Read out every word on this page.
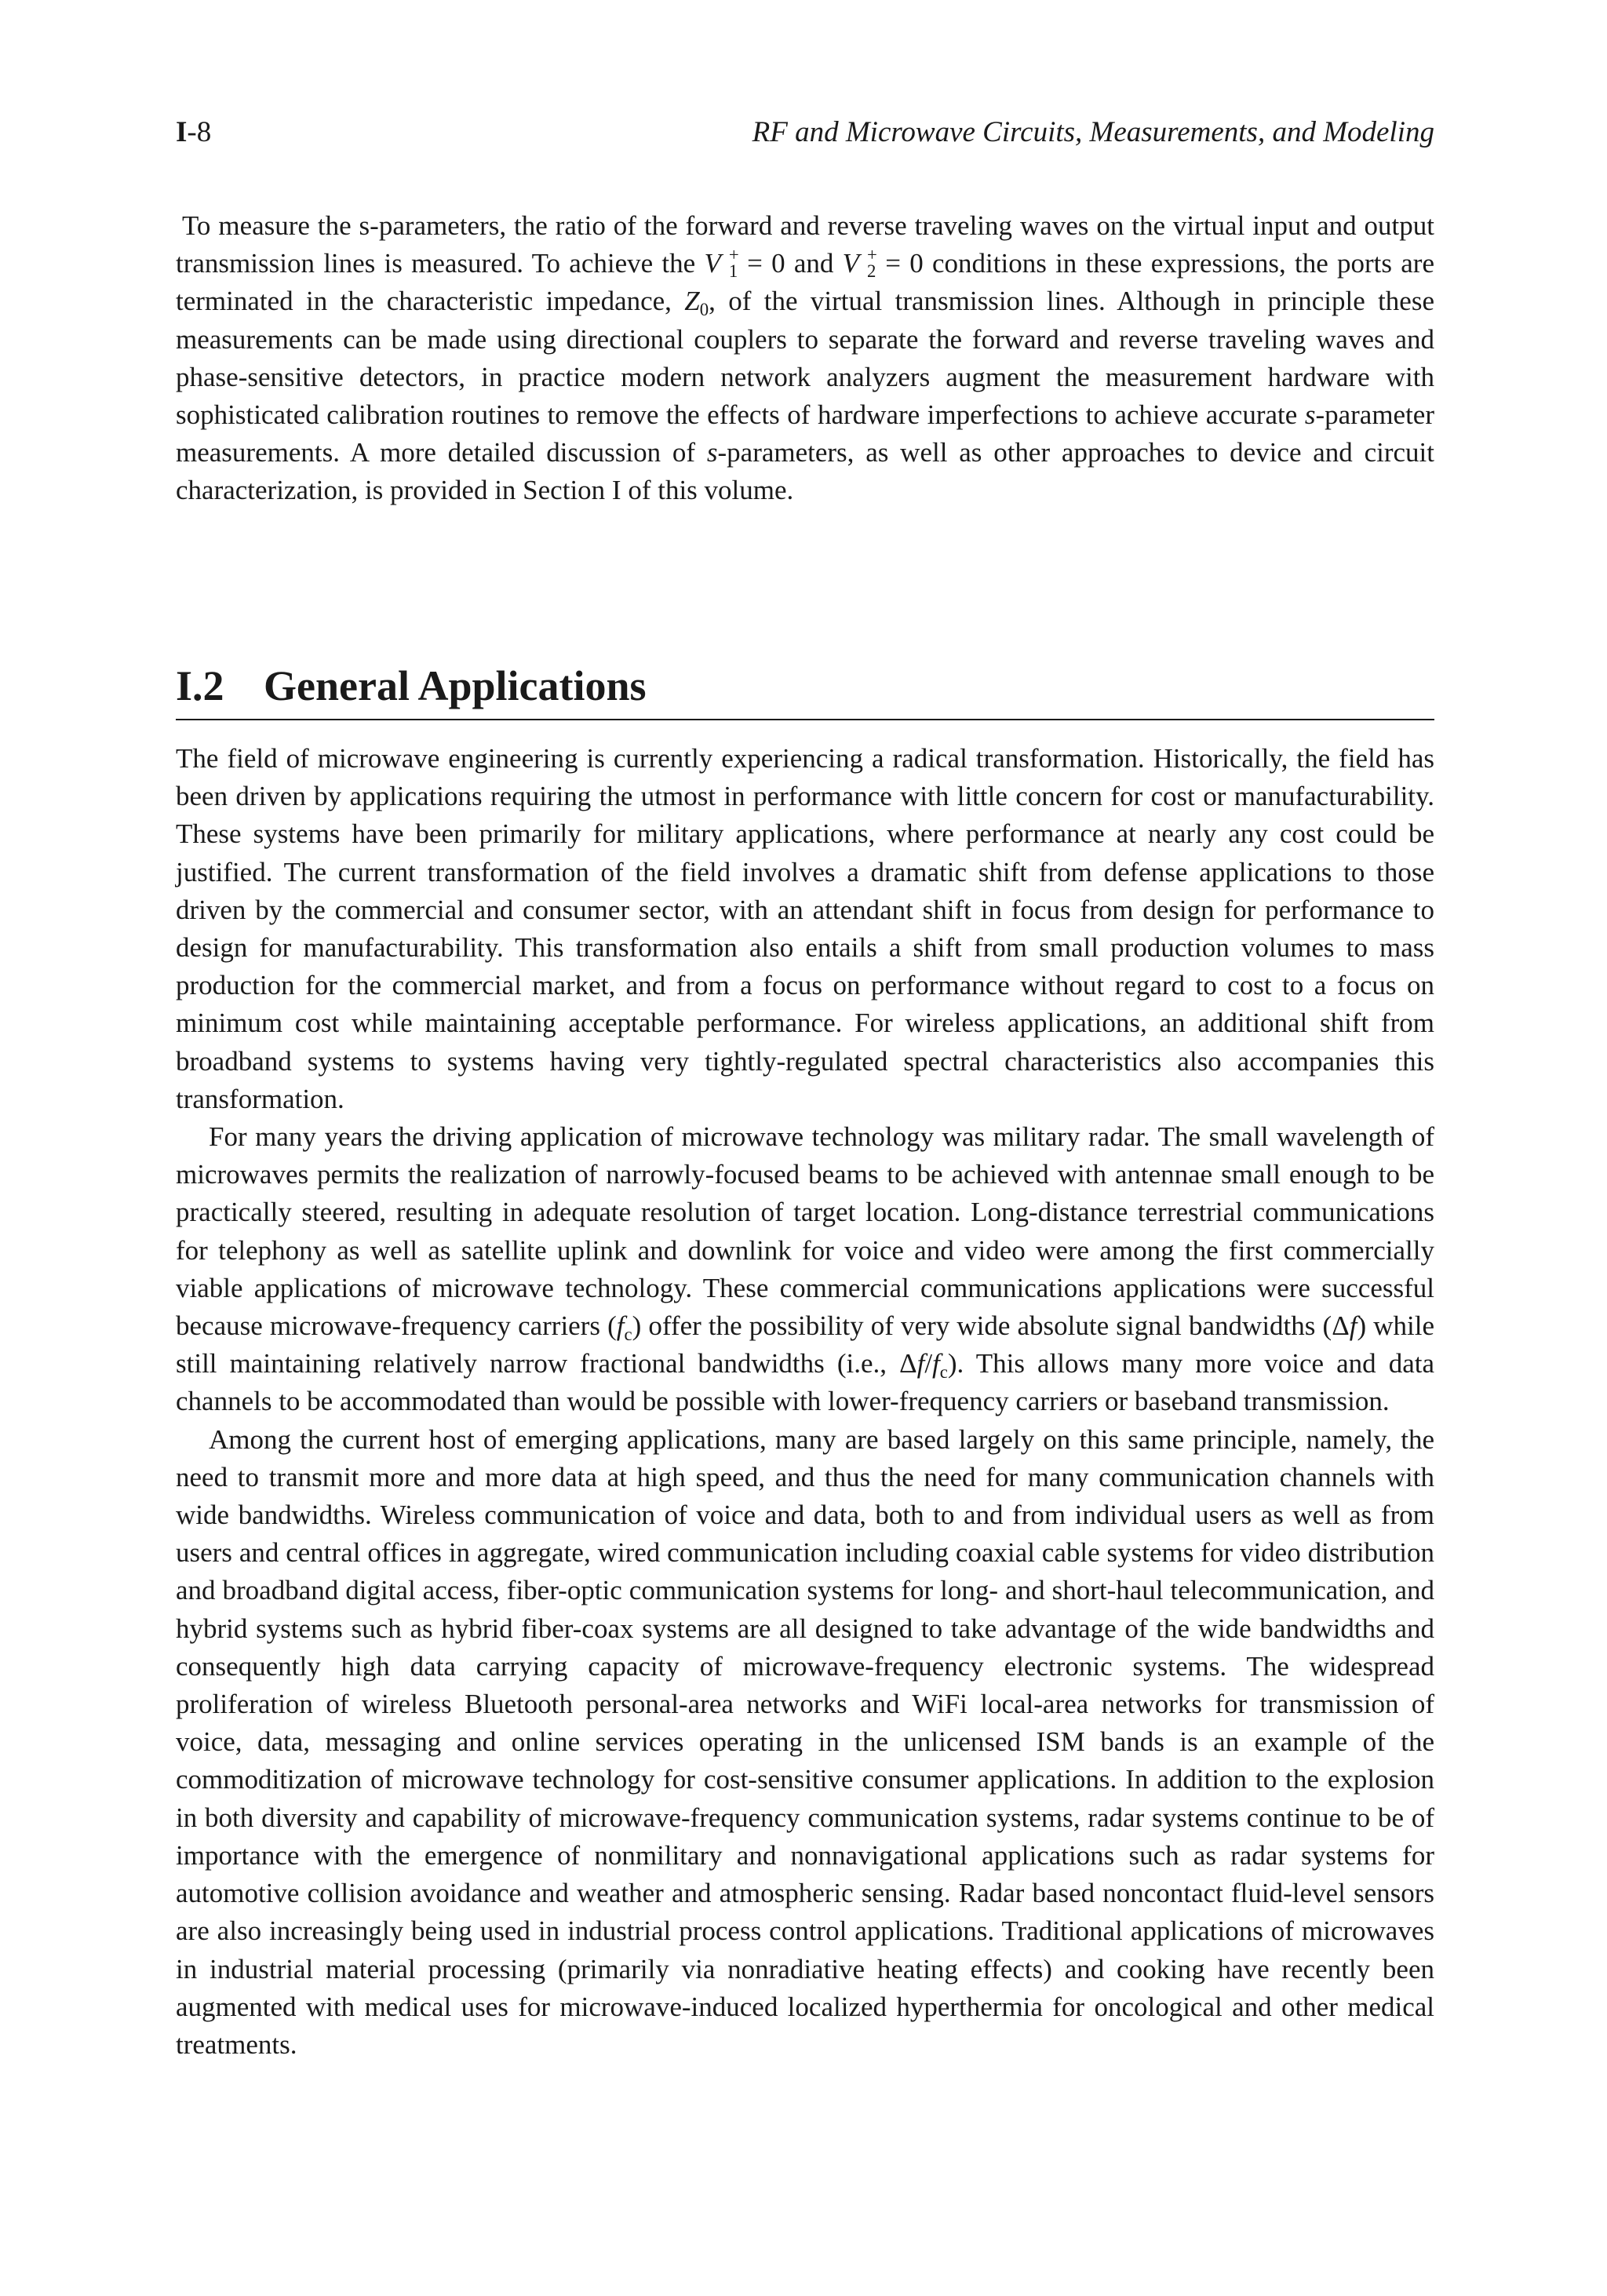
I-8	RF and Microwave Circuits, Measurements, and Modeling

To measure the s-parameters, the ratio of the forward and reverse traveling waves on the virtual input and output transmission lines is measured. To achieve the V +
1 = 0 and V +
2 = 0 conditions in these expressions, the ports are terminated in the characteristic impedance, $Z_0$, of the virtual transmission lines. Although in principle these measurements can be made using directional couplers to separate the forward and reverse traveling waves and phase-sensitive detectors, in practice modern network analyzers augment the measurement hardware with sophisticated calibration routines to remove the effects of hardware imperfections to achieve accurate s-parameter measurements. A more detailed discussion of s-parameters, as well as other approaches to device and circuit characterization, is provided in Section I of this volume.

I.2 General Applications

The field of microwave engineering is currently experiencing a radical transformation. Historically, the field has been driven by applications requiring the utmost in performance with little concern for cost or manufacturability. These systems have been primarily for military applications, where performance at nearly any cost could be justified. The current transformation of the field involves a dramatic shift from defense applications to those driven by the commercial and consumer sector, with an attendant shift in focus from design for performance to design for manufacturability. This transformation also entails a shift from small production volumes to mass production for the commercial market, and from a focus on performance without regard to cost to a focus on minimum cost while maintaining acceptable performance. For wireless applications, an additional shift from broadband systems to systems having very tightly-regulated spectral characteristics also accompanies this transformation.

For many years the driving application of microwave technology was military radar. The small wavelength of microwaves permits the realization of narrowly-focused beams to be achieved with antennae small enough to be practically steered, resulting in adequate resolution of target location. Long-distance terrestrial communications for telephony as well as satellite uplink and downlink for voice and video were among the first commercially viable applications of microwave technology. These commercial communications applications were successful because microwave-frequency carriers $(f_c)$ offer the possibility of very wide absolute signal bandwidths (Δf) while still maintaining relatively narrow fractional bandwidths (i.e., $\Delta f/f_c$). This allows many more voice and data channels to be accommodated than would be possible with lower-frequency carriers or baseband transmission.

Among the current host of emerging applications, many are based largely on this same principle, namely, the need to transmit more and more data at high speed, and thus the need for many communication channels with wide bandwidths. Wireless communication of voice and data, both to and from individual users as well as from users and central offices in aggregate, wired communication including coaxial cable systems for video distribution and broadband digital access, fiber-optic communication systems for long- and short-haul telecommunication, and hybrid systems such as hybrid fiber-coax systems are all designed to take advantage of the wide bandwidths and consequently high data carrying capacity of microwave-frequency electronic systems. The widespread proliferation of wireless Bluetooth personal-area networks and WiFi local-area networks for transmission of voice, data, messaging and online services operating in the unlicensed ISM bands is an example of the commoditization of microwave technology for cost-sensitive consumer applications. In addition to the explosion in both diversity and capability of microwave-frequency communication systems, radar systems continue to be of importance with the emergence of nonmilitary and nonnavigational applications such as radar systems for automotive collision avoidance and weather and atmospheric sensing. Radar based noncontact fluid-level sensors are also increasingly being used in industrial process control applications. Traditional applications of microwaves in industrial material processing (primarily via nonradiative heating effects) and cooking have recently been augmented with medical uses for microwave-induced localized hyperthermia for oncological and other medical treatments.
